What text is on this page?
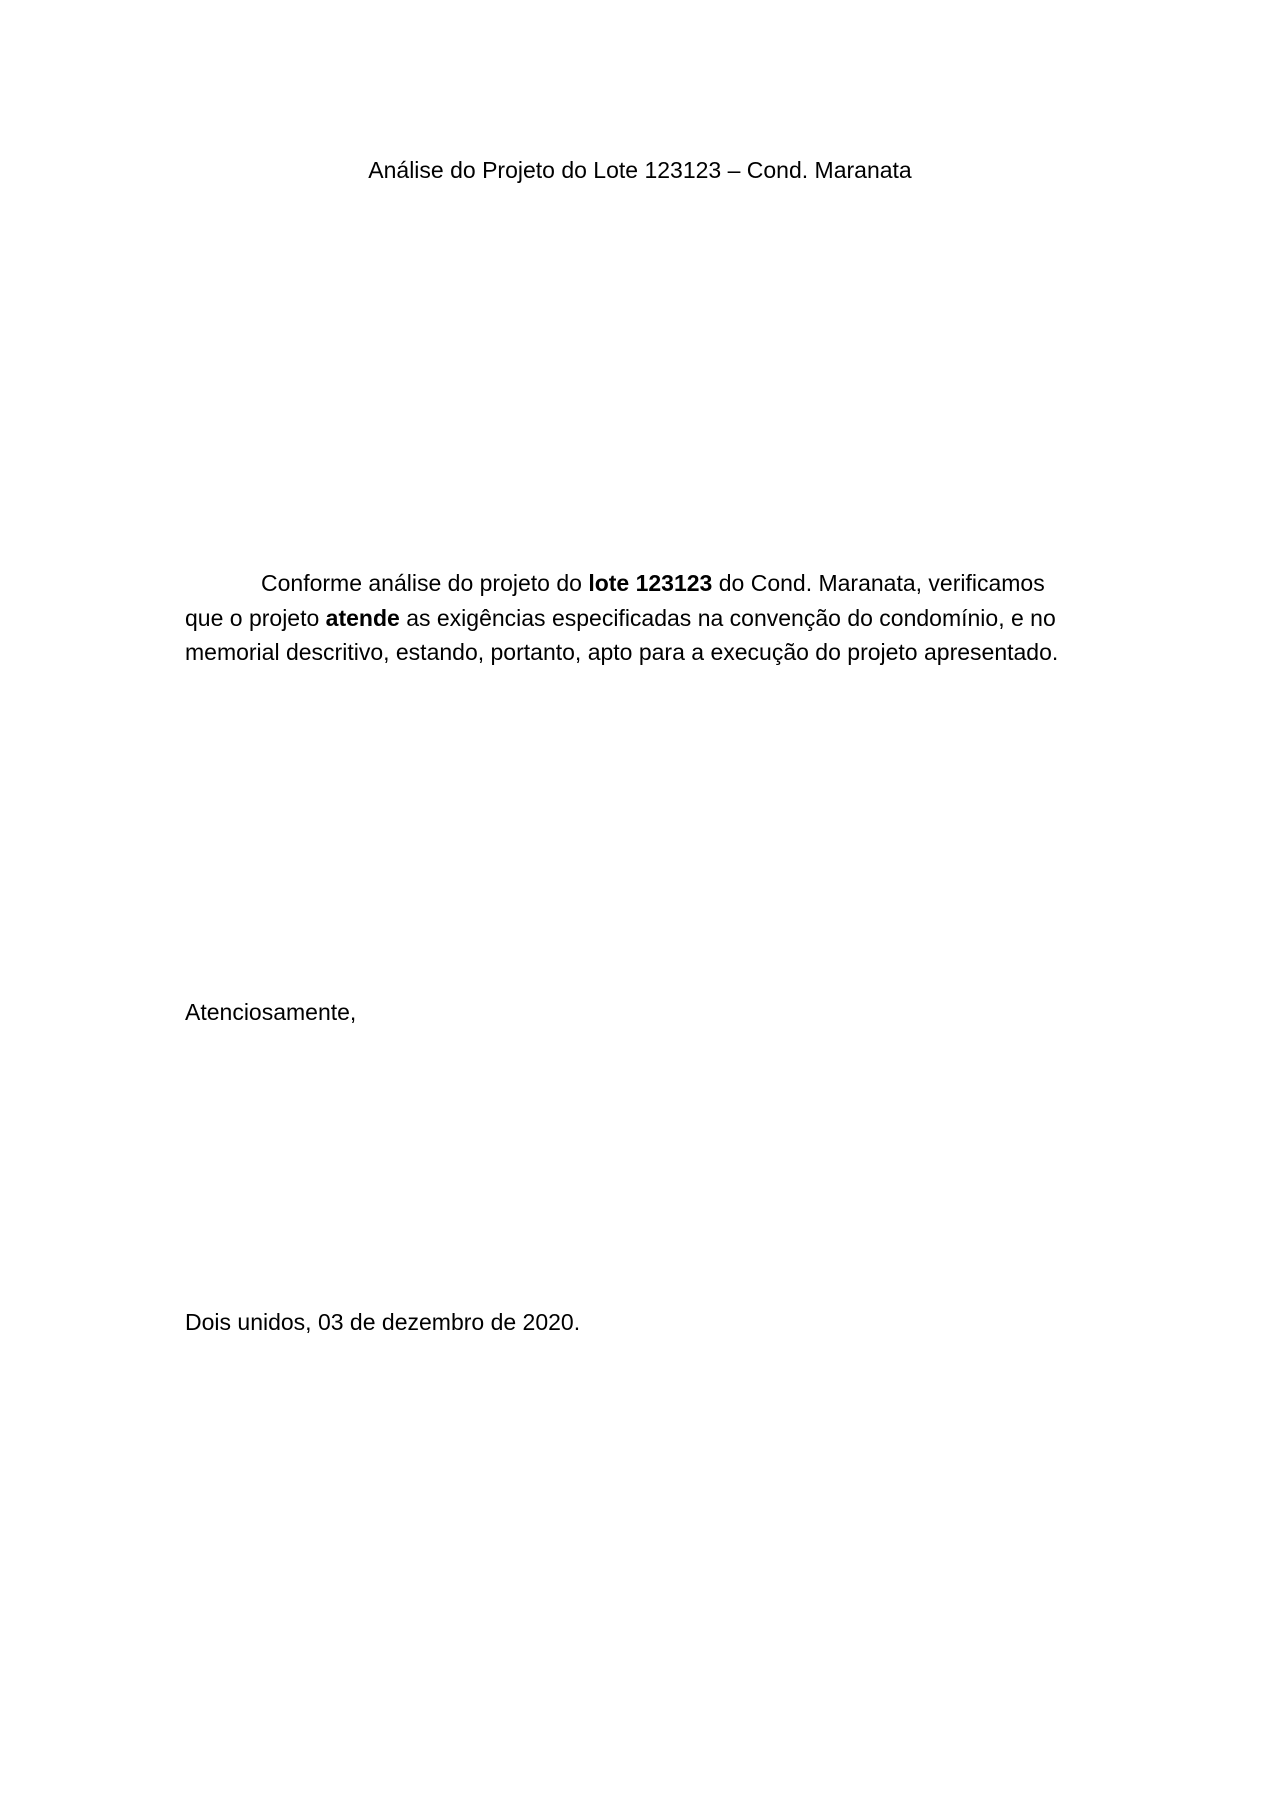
Análise do Projeto do Lote 123123 – Cond. Maranata

Conforme análise do projeto do lote 123123 do Cond. Maranata, verificamos
que o projeto atende as exigências especificadas na convenção do condomínio, e no
memorial descritivo, estando, portanto, apto para a execução do projeto apresentado.

Atenciosamente,
Dois unidos, 03 de dezembro de 2020.
